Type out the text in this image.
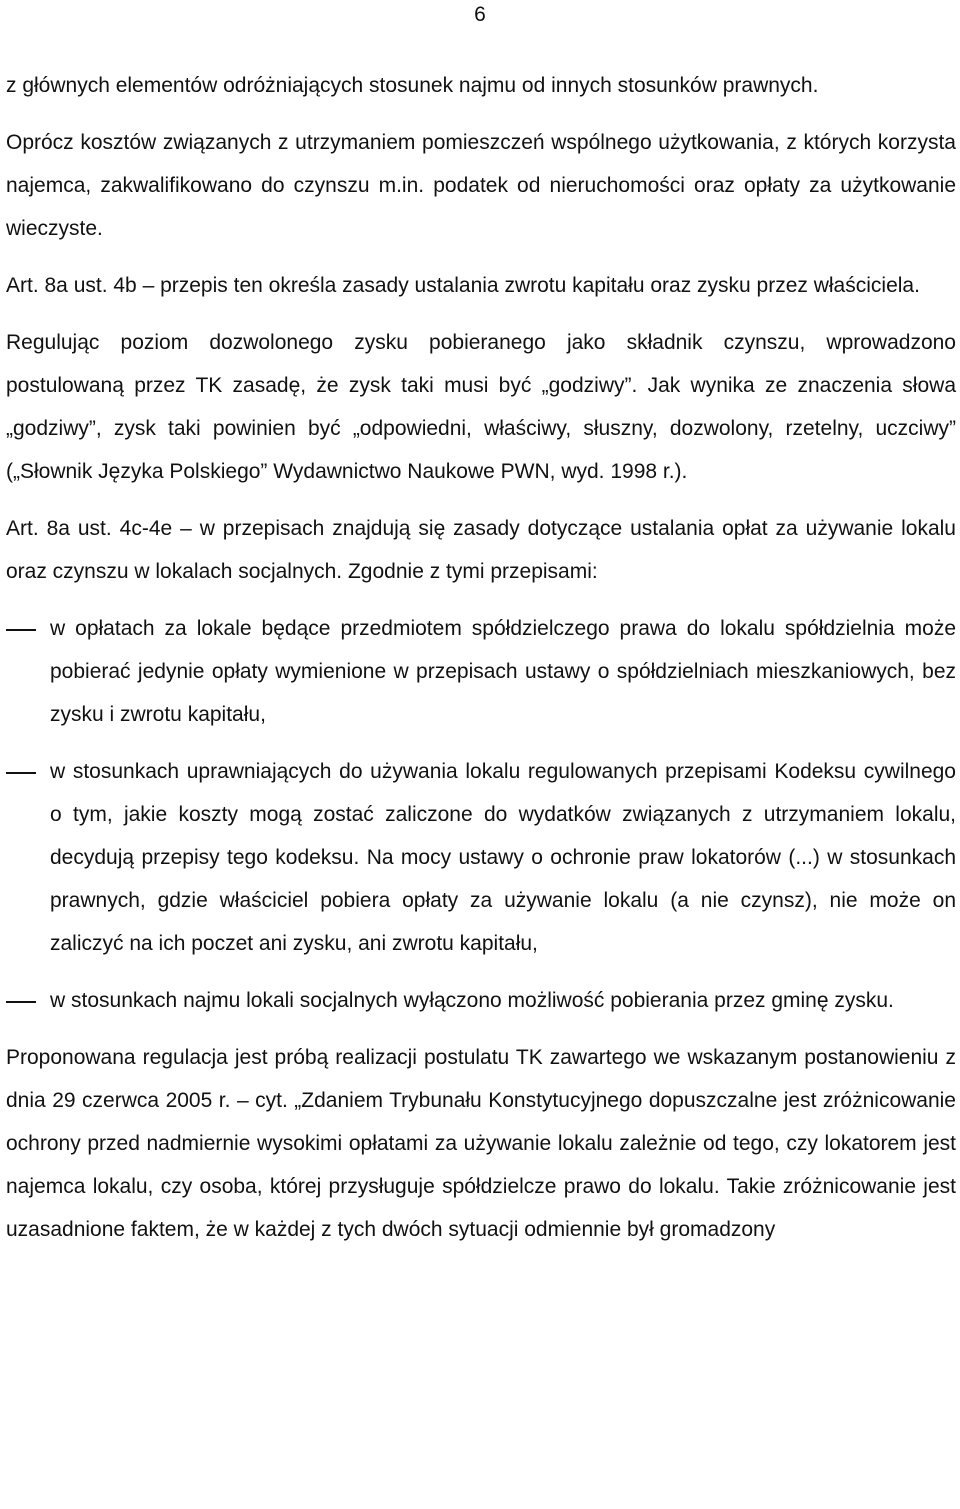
6

z głównych elementów odróżniających stosunek najmu od innych stosunków prawnych.

Oprócz kosztów związanych z utrzymaniem pomieszczeń wspólnego użytkowania, z których korzysta najemca, zakwalifikowano do czynszu m.in. podatek od nieruchomości oraz opłaty za użytkowanie wieczyste.

Art. 8a ust. 4b – przepis ten określa zasady ustalania zwrotu kapitału oraz zysku przez właściciela.

Regulując poziom dozwolonego zysku pobieranego jako składnik czynszu, wprowadzono postulowaną przez TK zasadę, że zysk taki musi być „godziwy”. Jak wynika ze znaczenia słowa „godziwy”, zysk taki powinien być „odpowiedni, właściwy, słuszny, dozwolony, rzetelny, uczciwy” („Słownik Języka Polskiego” Wydawnictwo Naukowe PWN, wyd. 1998 r.).

Art. 8a ust. 4c-4e – w przepisach znajdują się zasady dotyczące ustalania opłat za używanie lokalu oraz czynszu w lokalach socjalnych. Zgodnie z tymi przepisami:

w opłatach za lokale będące przedmiotem spółdzielczego prawa do lokalu spółdzielnia może pobierać jedynie opłaty wymienione w przepisach ustawy o spółdzielniach mieszkaniowych, bez zysku i zwrotu kapitału,
w stosunkach uprawniających do używania lokalu regulowanych przepisami Kodeksu cywilnego o tym, jakie koszty mogą zostać zaliczone do wydatków związanych z utrzymaniem lokalu, decydują przepisy tego kodeksu. Na mocy ustawy o ochronie praw lokatorów (...) w stosunkach prawnych, gdzie właściciel pobiera opłaty za używanie lokalu (a nie czynsz), nie może on zaliczyć na ich poczet ani zysku, ani zwrotu kapitału,
w stosunkach najmu lokali socjalnych wyłączono możliwość pobierania przez gminę zysku.

Proponowana regulacja jest próbą realizacji postulatu TK zawartego we wskazanym postanowieniu z dnia 29 czerwca 2005 r. – cyt. „Zdaniem Trybunału Konstytucyjnego dopuszczalne jest zróżnicowanie ochrony przed nadmiernie wysokimi opłatami za używanie lokalu zależnie od tego, czy lokatorem jest najemca lokalu, czy osoba, której przysługuje spółdzielcze prawo do lokalu. Takie zróżnicowanie jest uzasadnione faktem, że w każdej z tych dwóch sytuacji odmiennie był gromadzony
